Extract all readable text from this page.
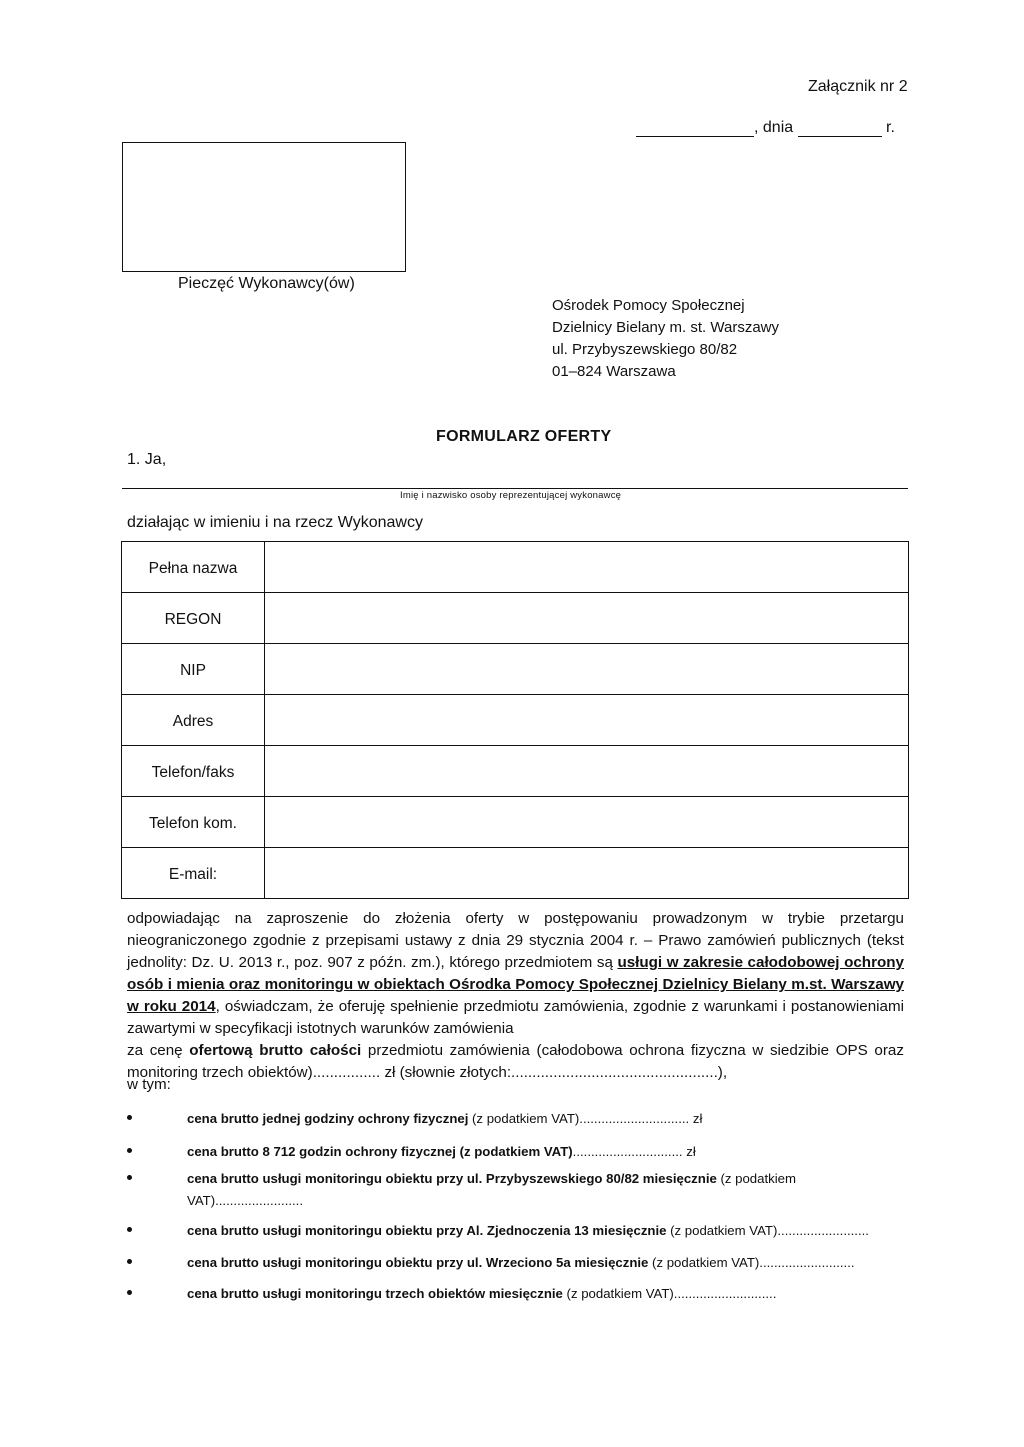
Załącznik nr 2
, dnia	r.
Pieczęć Wykonawcy(ów)
Ośrodek Pomocy Społecznej
Dzielnicy Bielany m. st. Warszawy
ul. Przybyszewskiego 80/82
01–824 Warszawa
FORMULARZ OFERTY
1. Ja,
Imię i nazwisko osoby reprezentującej wykonawcę
działając w imieniu i na rzecz Wykonawcy
Pełna nazwa	
REGON	
NIP	
Adres	
Telefon/faks	
Telefon kom.	
E-mail:	
odpowiadając na zaproszenie do złożenia oferty w postępowaniu prowadzonym w trybie przetargu nieograniczonego zgodnie z przepisami ustawy z dnia 29 stycznia 2004 r. – Prawo zamówień publicznych (tekst jednolity: Dz. U. 2013 r., poz. 907 z późn. zm.), którego przedmiotem są usługi w zakresie całodobowej ochrony osób i mienia oraz monitoringu w obiektach Ośrodka Pomocy Społecznej Dzielnicy Bielany m.st. Warszawy w roku 2014, oświadczam, że oferuję spełnienie przedmiotu zamówienia, zgodnie z warunkami i postanowieniami zawartymi w specyfikacji istotnych warunków zamówienia
za cenę ofertową brutto całości przedmiotu zamówienia (całodobowa ochrona fizyczna w siedzibie OPS oraz monitoring trzech obiektów)................ zł (słownie złotych:.................................................),
w tym:
cena brutto jednej godziny ochrony fizycznej (z podatkiem VAT).............................. zł
cena brutto 8 712 godzin ochrony fizycznej (z podatkiem VAT).............................. zł
cena brutto usługi monitoringu obiektu przy ul. Przybyszewskiego 80/82 miesięcznie (z podatkiem VAT)........................
cena brutto usługi monitoringu obiektu przy Al. Zjednoczenia 13 miesięcznie (z podatkiem VAT).........................
cena brutto usługi monitoringu obiektu przy ul. Wrzeciono 5a miesięcznie (z podatkiem VAT)..........................
cena brutto usługi monitoringu trzech obiektów miesięcznie (z podatkiem VAT)............................
